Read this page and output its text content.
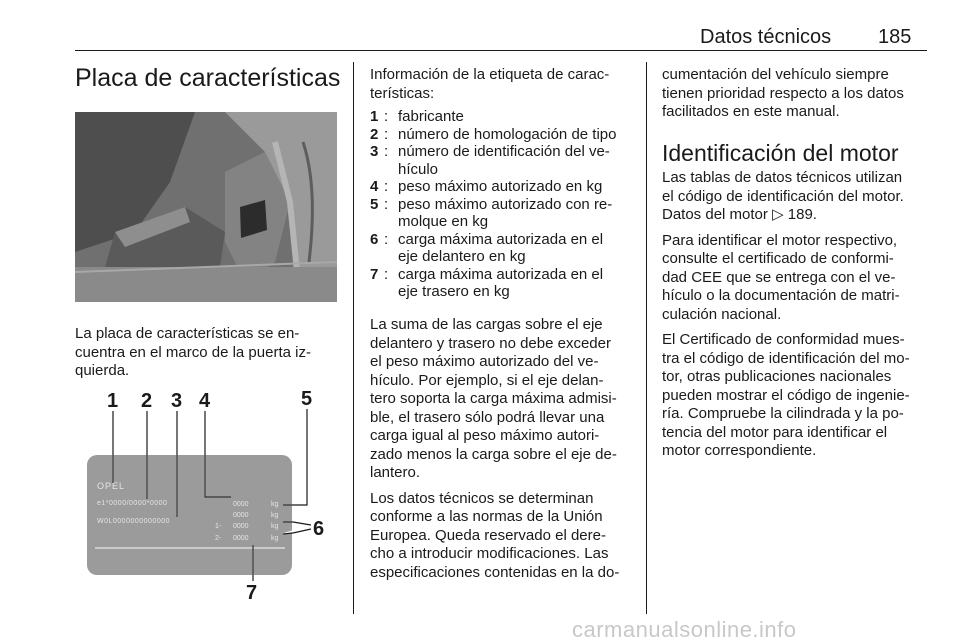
Datos técnicos 185
Placa de características
La placa de características se en-
cuentra en el marco de la puerta iz-
quierda.
OPEL
e1*0000/0000*0000
W0L0000000000000
0000
0000
0000
0000
1-
2-
kg
kg
kg
kg
1 2 3 4	5
6
7
Información de la etiqueta de carac-
terísticas:
1 : fabricante
2 : número de homologación de tipo
3 : número de identificación del ve-
hículo
4 : peso máximo autorizado en kg
5 : peso máximo autorizado con re-
molque en kg
6 : carga máxima autorizada en el
eje delantero en kg
7 : carga máxima autorizada en el
eje trasero en kg

La suma de las cargas sobre el eje
delantero y trasero no debe exceder
el peso máximo autorizado del ve-
hículo. Por ejemplo, si el eje delan-
tero soporta la carga máxima admisi-
ble, el trasero sólo podrá llevar una
carga igual al peso máximo autori-
zado menos la carga sobre el eje de-
lantero.

Los datos técnicos se determinan
conforme a las normas de la Unión
Europea. Queda reservado el dere-
cho a introducir modificaciones. Las
especificaciones contenidas en la do-

cumentación del vehículo siempre
tienen prioridad respecto a los datos
facilitados en este manual.
Identificación del motor

Las tablas de datos técnicos utilizan
el código de identificación del motor.
Datos del motor ▷ 189.

Para identificar el motor respectivo,
consulte el certificado de conformi-
dad CEE que se entrega con el ve-
hículo o la documentación de matri-
culación nacional.

El Certificado de conformidad mues-
tra el código de identificación del mo-
tor, otras publicaciones nacionales
pueden mostrar el código de ingenie-
ría. Compruebe la cilindrada y la po-
tencia del motor para identificar el
motor correspondiente.

carmanualsonline.info
